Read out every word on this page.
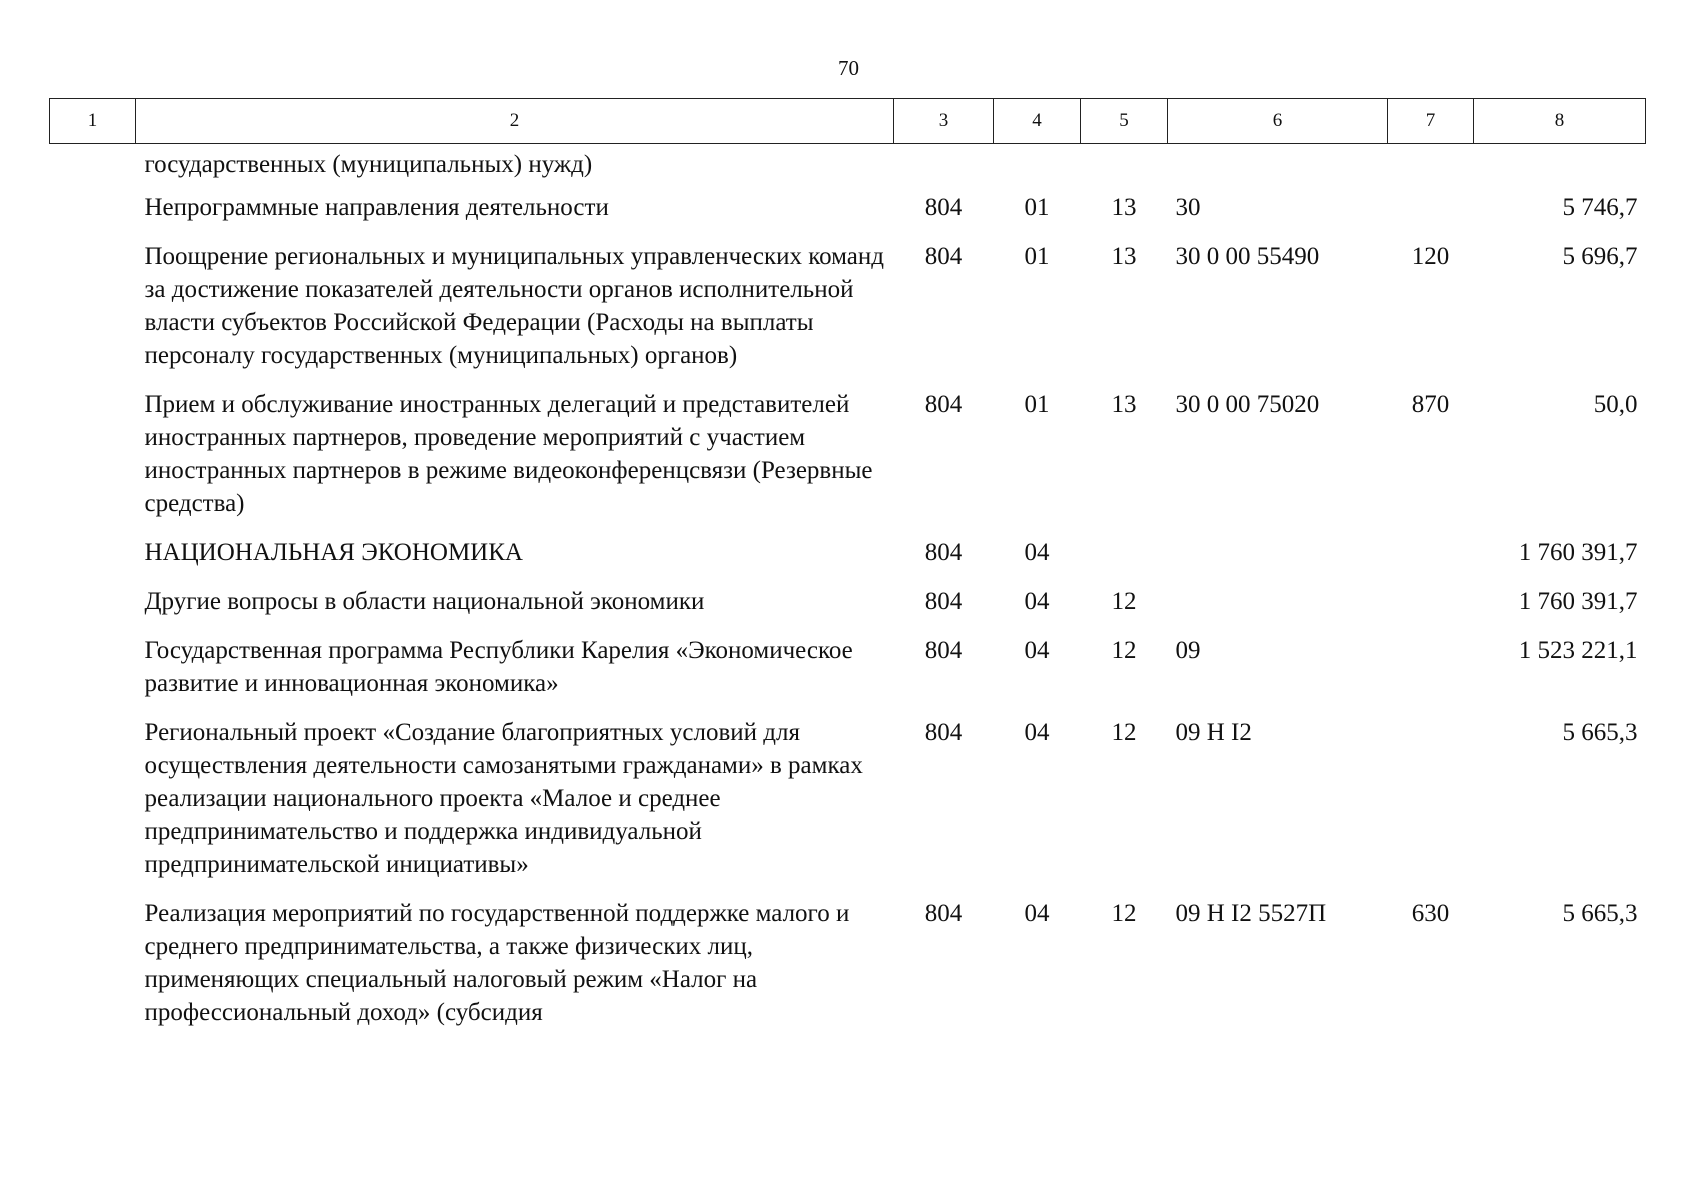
70
1	2	3	4	5	6	7	8
	государственных (муниципальных) нужд)						
	Непрограммные направления деятельности	804	01	13	30		5 746,7
	Поощрение региональных и муниципальных управленческих команд за достижение показателей деятельности органов исполнительной власти субъектов Российской Федерации (Расходы на выплаты персоналу государственных (муниципальных) органов)	804	01	13	30 0 00 55490	120	5 696,7
	Прием и обслуживание иностранных делегаций и представителей иностранных партнеров, проведение мероприятий с участием иностранных партнеров в режиме видеоконференцсвязи (Резервные средства)	804	01	13	30 0 00 75020	870	50,0
	НАЦИОНАЛЬНАЯ ЭКОНОМИКА	804	04				1 760 391,7
	Другие вопросы в области национальной экономики	804	04	12			1 760 391,7
	Государственная программа Республики Карелия «Экономическое развитие и инновационная экономика»	804	04	12	09		1 523 221,1
	Региональный проект «Создание благоприятных условий для осуществления деятельности самозанятыми гражданами» в рамках реализации национального проекта «Малое и среднее предпринимательство и поддержка индивидуальной предпринимательской инициативы»	804	04	12	09 Н I2		5 665,3
	Реализация мероприятий по государственной поддержке малого и среднего предпринимательства, а также физических лиц, применяющих специальный налоговый режим «Налог на профессиональный доход» (субсидия	804	04	12	09 Н I2 5527П	630	5 665,3
